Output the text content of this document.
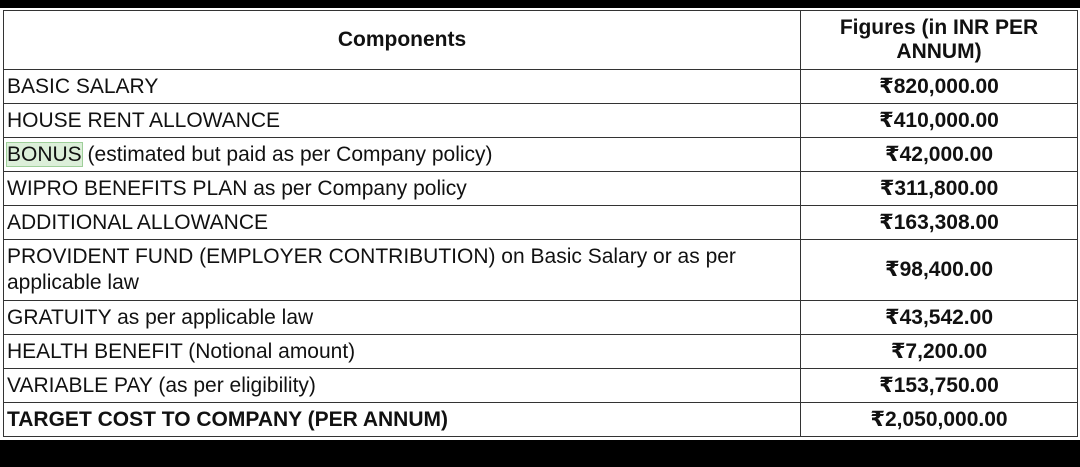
Components	Figures (in INR PER ANNUM)
BASIC SALARY	₹820,000.00
HOUSE RENT ALLOWANCE	₹410,000.00
BONUS (estimated but paid as per Company policy)	₹42,000.00
WIPRO BENEFITS PLAN as per Company policy	₹311,800.00
ADDITIONAL ALLOWANCE	₹163,308.00
PROVIDENT FUND (EMPLOYER CONTRIBUTION) on Basic Salary or as per applicable law	₹98,400.00
GRATUITY as per applicable law	₹43,542.00
HEALTH BENEFIT (Notional amount)	₹7,200.00
VARIABLE PAY (as per eligibility)	₹153,750.00
TARGET COST TO COMPANY (PER ANNUM)	₹2,050,000.00
